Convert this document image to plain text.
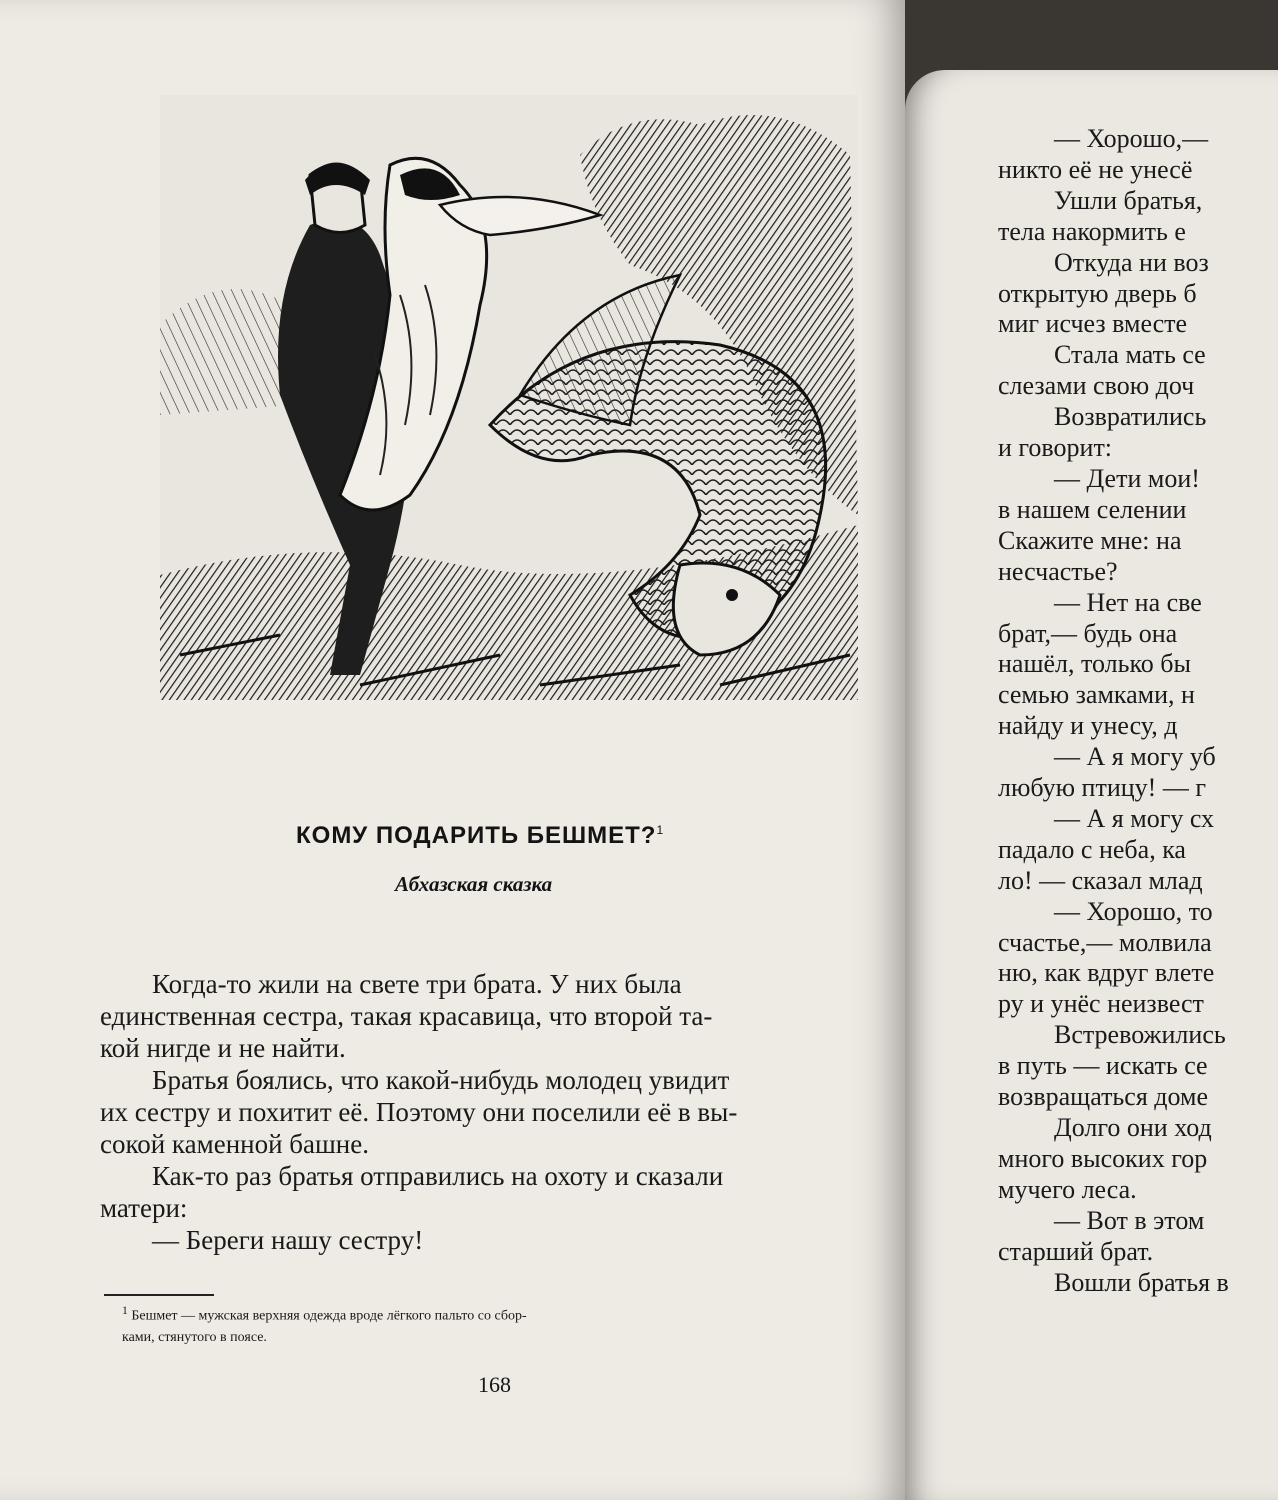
КОМУ ПОДАРИТЬ БЕШМЕТ?$^1$
Абхазская сказка

Когда-то жили на свете три брата. У них была
единственная сестра, такая красавица, что второй та-
кой нигде и не найти.

Братья боялись, что какой-нибудь молодец увидит
их сестру и похитит её. Поэтому они поселили её в вы-
сокой каменной башне.

Как-то раз братья отправились на охоту и сказали
матери:

— Береги нашу сестру!

$^1$ Бешмет — мужская верхняя одежда вроде лёгкого пальто со сбор-
ками, стянутого в поясе.
168
— Хорошо,—
никто её не унесё
Ушли братья,
тела накормить е
Откуда ни воз
открытую дверь б
миг исчез вместе
Стала мать се
слезами свою доч
Возвратились
и говорит:
— Дети мои!
в нашем селении
Скажите мне: на
несчастье?
— Нет на све
брат,— будь она
нашёл, только бы
семью замками, н
найду и унесу, д
— А я могу уб
любую птицу! — г
— А я могу сх
падало с неба, ка
ло! — сказал млад
— Хорошо, то
счастье,— молвила
ню, как вдруг влете
ру и унёс неизвест
Встревожились
в путь — искать се
возвращаться доме
Долго они ход
много высоких гор
мучего леса.
— Вот в этом
старший брат.
Вошли братья в
